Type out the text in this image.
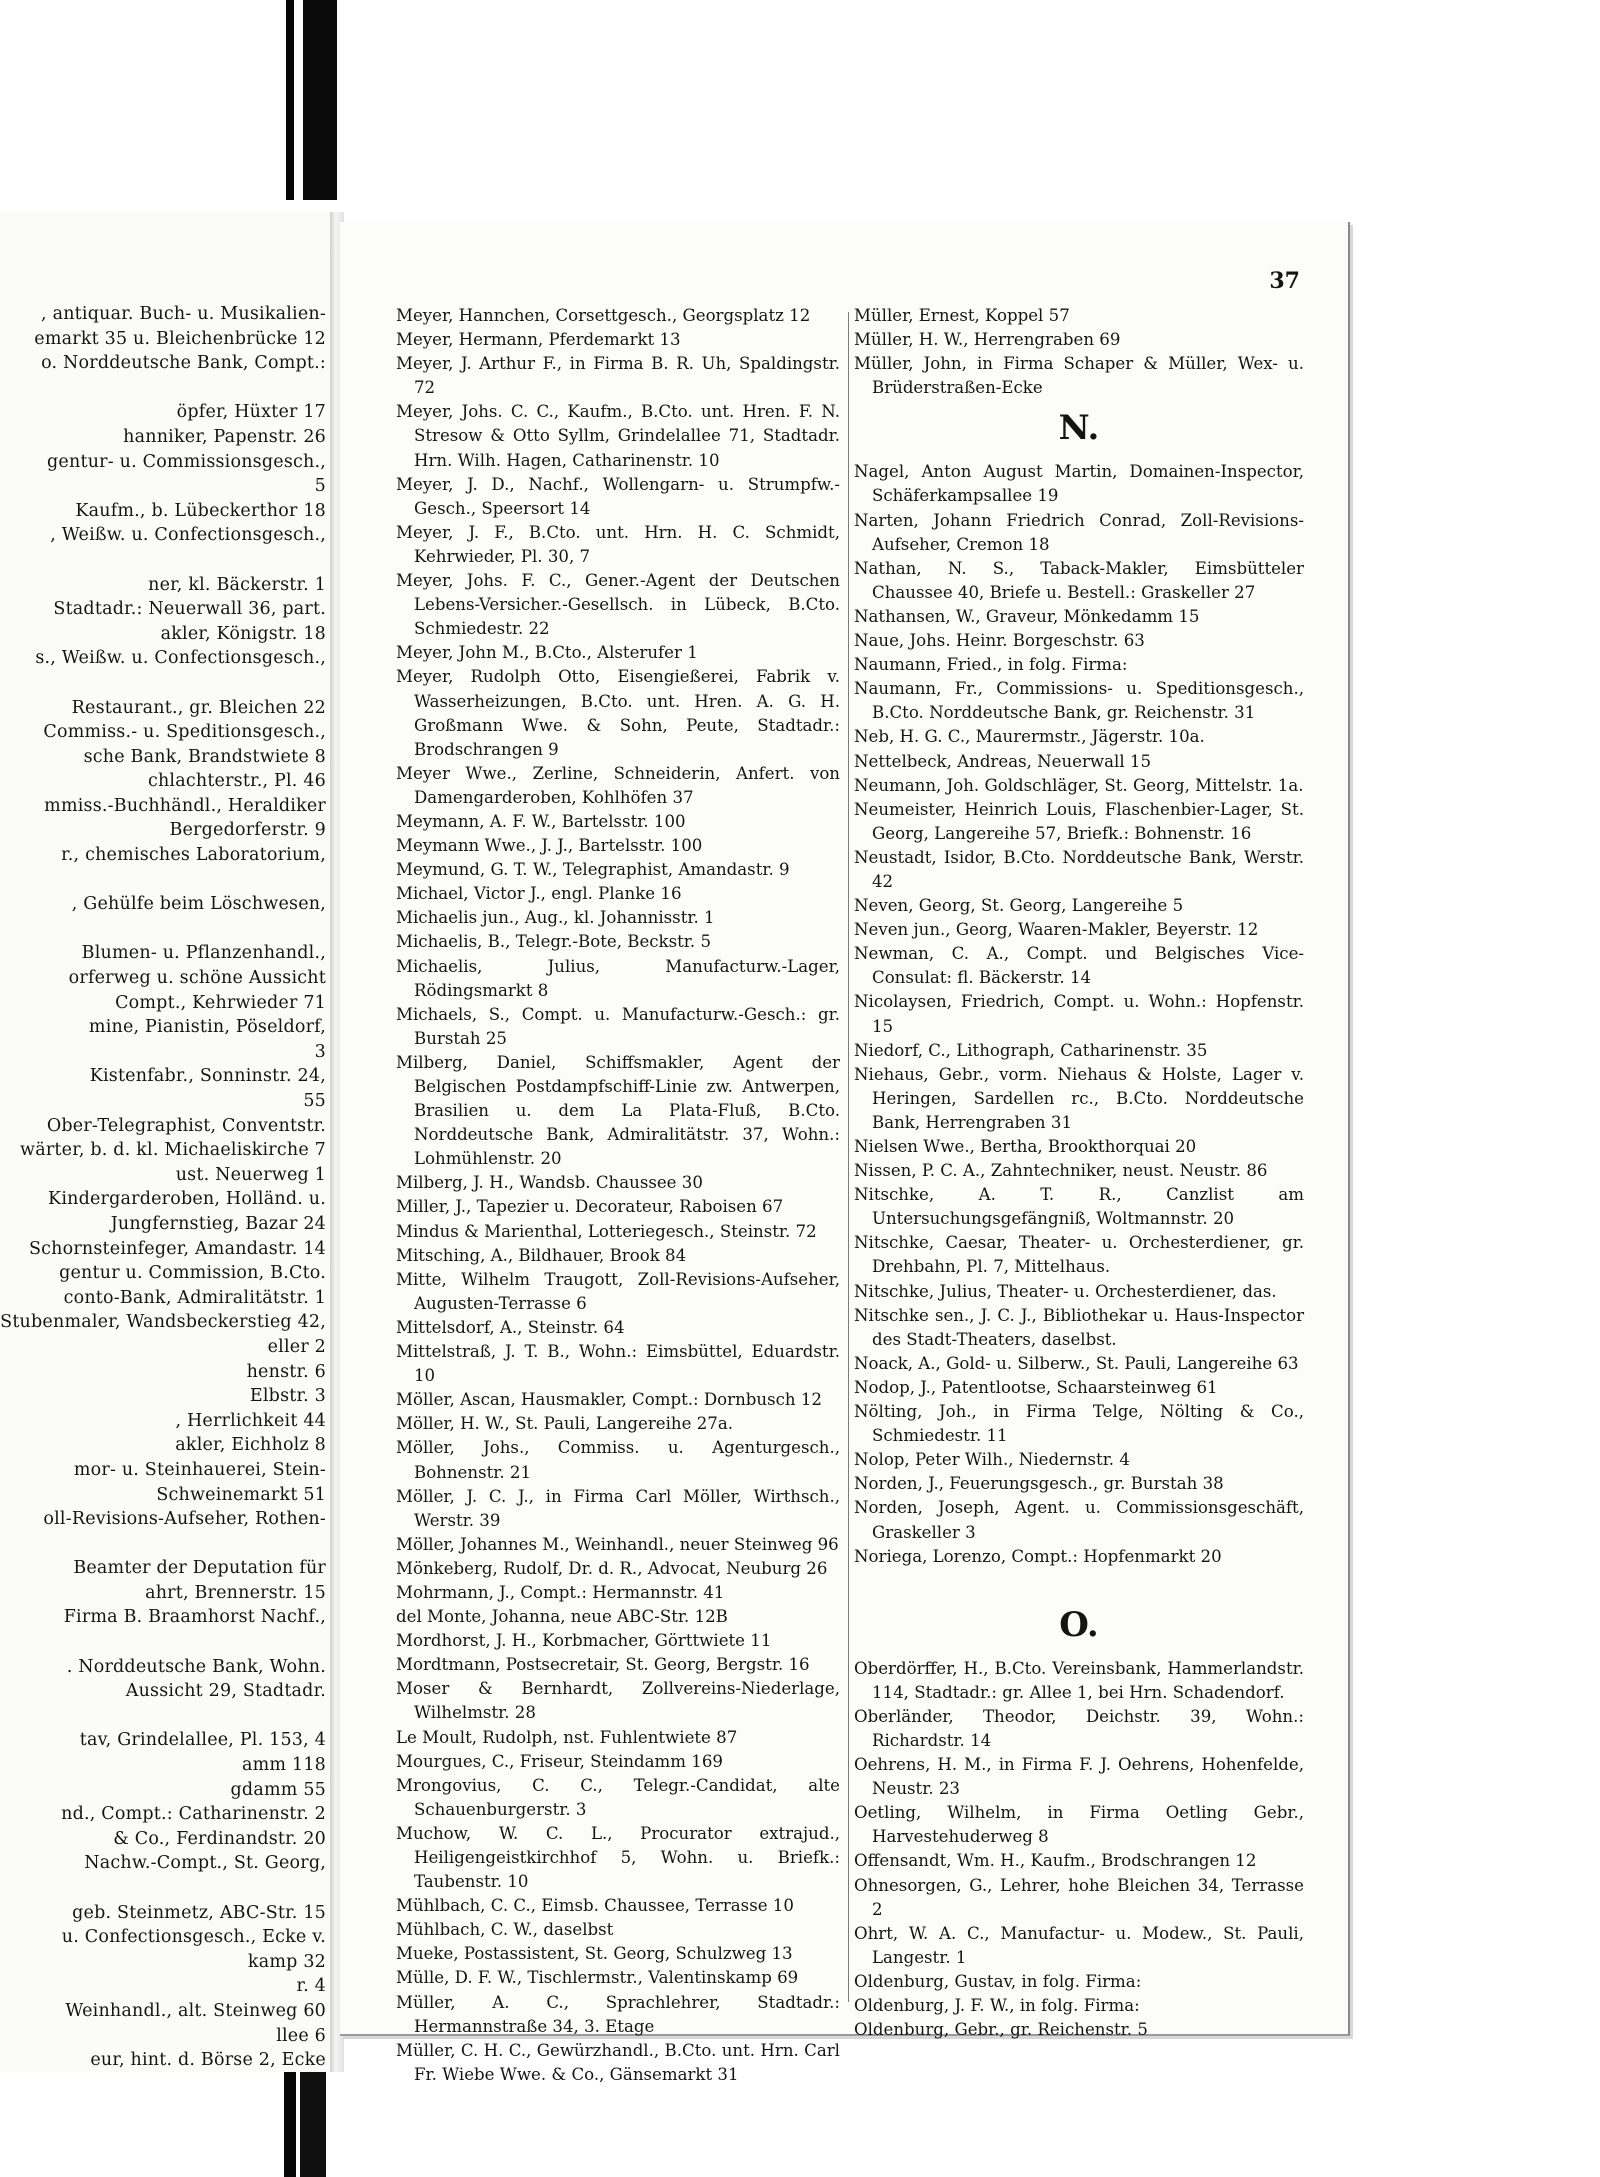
, antiquar. Buch- u. Musikalien-
emarkt 35 u. Bleichenbrücke 12
o. Norddeutsche Bank, Compt.:

öpfer, Hüxter 17
hanniker, Papenstr. 26
gentur- u. Commissionsgesch.,
5
Kaufm., b. Lübeckerthor 18
, Weißw. u. Confectionsgesch.,

ner, kl. Bäckerstr. 1
Stadtadr.: Neuerwall 36, part.
akler, Königstr. 18
s., Weißw. u. Confectionsgesch.,

Restaurant., gr. Bleichen 22
Commiss.- u. Speditionsgesch.,
sche Bank, Brandstwiete 8
chlachterstr., Pl. 46
mmiss.-Buchhändl., Heraldiker
Bergedorferstr. 9
r., chemisches Laboratorium,

, Gehülfe beim Löschwesen,

Blumen- u. Pflanzenhandl.,
orferweg u. schöne Aussicht
Compt., Kehrwieder 71
mine, Pianistin, Pöseldorf,
3
Kistenfabr., Sonninstr. 24,
55
Ober-Telegraphist, Conventstr.
wärter, b. d. kl. Michaeliskirche 7
ust. Neuerweg 1
Kindergarderoben, Holländ. u.
Jungfernstieg, Bazar 24
Schornsteinfeger, Amandastr. 14
gentur u. Commission, B.Cto.
conto-Bank, Admiralitätstr. 1
Stubenmaler, Wandsbeckerstieg 42,
eller 2
henstr. 6
Elbstr. 3
, Herrlichkeit 44
akler, Eichholz 8
mor- u. Steinhauerei, Stein-
Schweinemarkt 51
oll-Revisions-Aufseher, Rothen-

Beamter der Deputation für
ahrt, Brennerstr. 15
Firma B. Braamhorst Nachf.,

. Norddeutsche Bank, Wohn.
Aussicht 29, Stadtadr.

tav, Grindelallee, Pl. 153, 4
amm 118
gdamm 55
nd., Compt.: Catharinenstr. 2
& Co., Ferdinandstr. 20
Nachw.-Compt., St. Georg,

geb. Steinmetz, ABC-Str. 15
u. Confectionsgesch., Ecke v.
kamp 32
r. 4
Weinhandl., alt. Steinweg 60
llee 6
eur, hint. d. Börse 2, Ecke
37

Meyer, Hannchen, Corsettgesch., Georgsplatz 12

Meyer, Hermann, Pferdemarkt 13

Meyer, J. Arthur F., in Firma B. R. Uh, Spaldingstr. 72

Meyer, Johs. C. C., Kaufm., B.Cto. unt. Hren. F. N. Stresow & Otto Syllm, Grindelallee 71, Stadtadr. Hrn. Wilh. Hagen, Catharinenstr. 10

Meyer, J. D., Nachf., Wollengarn- u. Strumpfw.-Gesch., Speersort 14

Meyer, J. F., B.Cto. unt. Hrn. H. C. Schmidt, Kehrwieder, Pl. 30, 7

Meyer, Johs. F. C., Gener.-Agent der Deutschen Lebens-Versicher.-Gesellsch. in Lübeck, B.Cto. Schmiedestr. 22

Meyer, John M., B.Cto., Alsterufer 1

Meyer, Rudolph Otto, Eisengießerei, Fabrik v. Wasserheizungen, B.Cto. unt. Hren. A. G. H. Großmann Wwe. & Sohn, Peute, Stadtadr.: Brodschrangen 9

Meyer Wwe., Zerline, Schneiderin, Anfert. von Damengarderoben, Kohlhöfen 37

Meymann, A. F. W., Bartelsstr. 100

Meymann Wwe., J. J., Bartelsstr. 100

Meymund, G. T. W., Telegraphist, Amandastr. 9

Michael, Victor J., engl. Planke 16

Michaelis jun., Aug., kl. Johannisstr. 1

Michaelis, B., Telegr.-Bote, Beckstr. 5

Michaelis, Julius, Manufacturw.-Lager, Rödingsmarkt 8

Michaels, S., Compt. u. Manufacturw.-Gesch.: gr. Burstah 25

Milberg, Daniel, Schiffsmakler, Agent der Belgischen Postdampfschiff-Linie zw. Antwerpen, Brasilien u. dem La Plata-Fluß, B.Cto. Norddeutsche Bank, Admiralitätstr. 37, Wohn.: Lohmühlenstr. 20

Milberg, J. H., Wandsb. Chaussee 30

Miller, J., Tapezier u. Decorateur, Raboisen 67

Mindus & Marienthal, Lotteriegesch., Steinstr. 72

Mitsching, A., Bildhauer, Brook 84

Mitte, Wilhelm Traugott, Zoll-Revisions-Aufseher, Augusten-Terrasse 6

Mittelsdorf, A., Steinstr. 64

Mittelstraß, J. T. B., Wohn.: Eimsbüttel, Eduardstr. 10

Möller, Ascan, Hausmakler, Compt.: Dornbusch 12

Möller, H. W., St. Pauli, Langereihe 27a.

Möller, Johs., Commiss. u. Agenturgesch., Bohnenstr. 21

Möller, J. C. J., in Firma Carl Möller, Wirthsch., Werstr. 39

Möller, Johannes M., Weinhandl., neuer Steinweg 96

Mönkeberg, Rudolf, Dr. d. R., Advocat, Neuburg 26

Mohrmann, J., Compt.: Hermannstr. 41

del Monte, Johanna, neue ABC-Str. 12B

Mordhorst, J. H., Korbmacher, Görttwiete 11

Mordtmann, Postsecretair, St. Georg, Bergstr. 16

Moser & Bernhardt, Zollvereins-Niederlage, Wilhelmstr. 28

Le Moult, Rudolph, nst. Fuhlentwiete 87

Mourgues, C., Friseur, Steindamm 169

Mrongovius, C. C., Telegr.-Candidat, alte Schauenburgerstr. 3

Muchow, W. C. L., Procurator extrajud., Heiligengeistkirchhof 5, Wohn. u. Briefk.: Taubenstr. 10

Mühlbach, C. C., Eimsb. Chaussee, Terrasse 10

Mühlbach, C. W., daselbst

Mueke, Postassistent, St. Georg, Schulzweg 13

Mülle, D. F. W., Tischlermstr., Valentinskamp 69

Müller, A. C., Sprachlehrer, Stadtadr.: Hermannstraße 34, 3. Etage

Müller, C. H. C., Gewürzhandl., B.Cto. unt. Hrn. Carl Fr. Wiebe Wwe. & Co., Gänsemarkt 31

Müller, Ernest, Koppel 57

Müller, H. W., Herrengraben 69

Müller, John, in Firma Schaper & Müller, Wex- u. Brüderstraßen-Ecke

N.

Nagel, Anton August Martin, Domainen-Inspector, Schäferkampsallee 19

Narten, Johann Friedrich Conrad, Zoll-Revisions-Aufseher, Cremon 18

Nathan, N. S., Taback-Makler, Eimsbütteler Chaussee 40, Briefe u. Bestell.: Graskeller 27

Nathansen, W., Graveur, Mönkedamm 15

Naue, Johs. Heinr. Borgeschstr. 63

Naumann, Fried., in folg. Firma:

Naumann, Fr., Commissions- u. Speditionsgesch., B.Cto. Norddeutsche Bank, gr. Reichenstr. 31

Neb, H. G. C., Maurermstr., Jägerstr. 10a.

Nettelbeck, Andreas, Neuerwall 15

Neumann, Joh. Goldschläger, St. Georg, Mittelstr. 1a.

Neumeister, Heinrich Louis, Flaschenbier-Lager, St. Georg, Langereihe 57, Briefk.: Bohnenstr. 16

Neustadt, Isidor, B.Cto. Norddeutsche Bank, Werstr. 42

Neven, Georg, St. Georg, Langereihe 5

Neven jun., Georg, Waaren-Makler, Beyerstr. 12

Newman, C. A., Compt. und Belgisches Vice-Consulat: fl. Bäckerstr. 14

Nicolaysen, Friedrich, Compt. u. Wohn.: Hopfenstr. 15

Niedorf, C., Lithograph, Catharinenstr. 35

Niehaus, Gebr., vorm. Niehaus & Holste, Lager v. Heringen, Sardellen rc., B.Cto. Norddeutsche Bank, Herrengraben 31

Nielsen Wwe., Bertha, Brookthorquai 20

Nissen, P. C. A., Zahntechniker, neust. Neustr. 86

Nitschke, A. T. R., Canzlist am Untersuchungsgefängniß, Woltmannstr. 20

Nitschke, Caesar, Theater- u. Orchesterdiener, gr. Drehbahn, Pl. 7, Mittelhaus.

Nitschke, Julius, Theater- u. Orchesterdiener, das.

Nitschke sen., J. C. J., Bibliothekar u. Haus-Inspector des Stadt-Theaters, daselbst.

Noack, A., Gold- u. Silberw., St. Pauli, Langereihe 63

Nodop, J., Patentlootse, Schaarsteinweg 61

Nölting, Joh., in Firma Telge, Nölting & Co., Schmiedestr. 11

Nolop, Peter Wilh., Niedernstr. 4

Norden, J., Feuerungsgesch., gr. Burstah 38

Norden, Joseph, Agent. u. Commissionsgeschäft, Graskeller 3

Noriega, Lorenzo, Compt.: Hopfenmarkt 20

O.

Oberdörffer, H., B.Cto. Vereinsbank, Hammerlandstr. 114, Stadtadr.: gr. Allee 1, bei Hrn. Schadendorf.

Oberländer, Theodor, Deichstr. 39, Wohn.: Richardstr. 14

Oehrens, H. M., in Firma F. J. Oehrens, Hohenfelde, Neustr. 23

Oetling, Wilhelm, in Firma Oetling Gebr., Harvestehuderweg 8

Offensandt, Wm. H., Kaufm., Brodschrangen 12

Ohnesorgen, G., Lehrer, hohe Bleichen 34, Terrasse 2

Ohrt, W. A. C., Manufactur- u. Modew., St. Pauli, Langestr. 1

Oldenburg, Gustav, in folg. Firma:

Oldenburg, J. F. W., in folg. Firma:

Oldenburg, Gebr., gr. Reichenstr. 5
